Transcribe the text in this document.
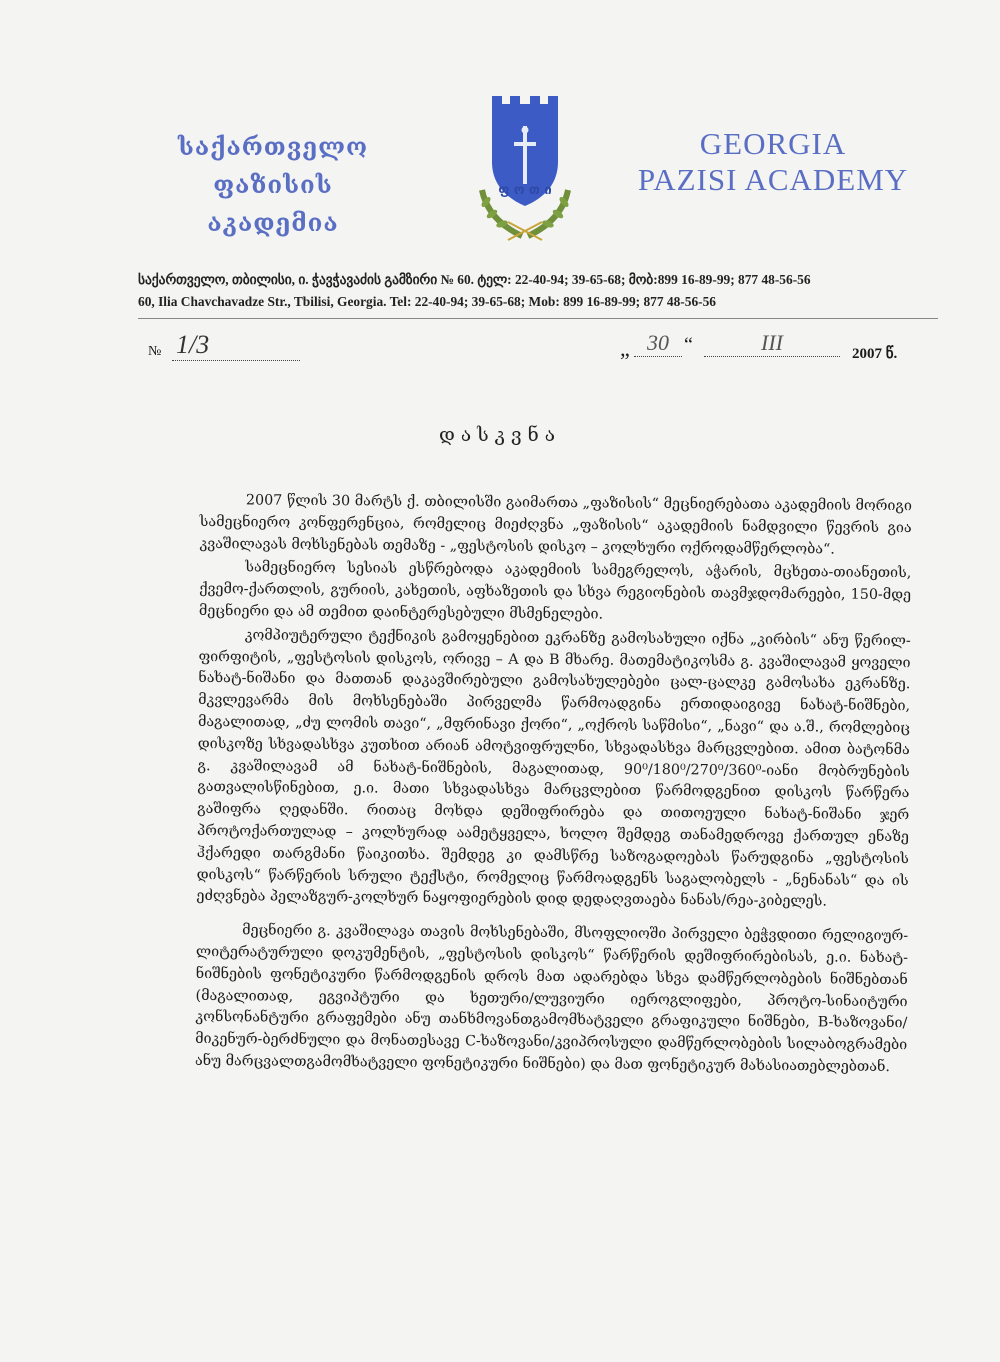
საქართველო
ფაზისის აკადემია
ფ ო თ ი
GEORGIA
PAZISI ACADEMY
საქართველო, თბილისი, ი. ჭავჭავაძის გამზირი № 60. ტელ: 22-40-94; 39-65-68; მობ:899 16-89-99; 877 48-56-56
60, Ilia Chavchavadze Str., Tbilisi, Georgia. Tel: 22-40-94; 39-65-68; Mob: 899 16-89-99; 877 48-56-56
№ 1/3	„ 30 “	III	2007 წ.
დასკვნა

2007 წლის 30 მარტს ქ. თბილისში გაიმართა „ფაზისის“ მეცნიერებათა აკადემიის მორიგი სამეცნიერო კონფერენცია, რომელიც მიეძღვნა „ფაზისის“ აკადემიის ნამდვილი წევრის გია კვაშილავას მოხსენებას თემაზე - „ფესტოსის დისკო – კოლხური ოქროდამწერლობა“.

სამეცნიერო სესიას ესწრებოდა აკადემიის სამეგრელოს, აჭარის, მცხეთა-თიანეთის, ქვემო-ქართლის, გურიის, კახეთის, აფხაზეთის და სხვა რეგიონების თავმჯდომარეები, 150-მდე მეცნიერი და ამ თემით დაინტერესებული მსმენელები.

კომპიუტერული ტექნიკის გამოყენებით ეკრანზე გამოსახული იქნა „კირბის“ ანუ წერილ-ფირფიტის, „ფესტოსის დისკოს, ორივე – A და B მხარე. მათემატიკოსმა გ. კვაშილავამ ყოველი ნახატ-ნიშანი და მათთან დაკავშირებული გამოსახულებები ცალ-ცალკე გამოსახა ეკრანზე. მკვლევარმა მის მოხსენებაში პირველმა წარმოადგინა ერთიდაიგივე ნახატ-ნიშნები, მაგალითად, „ძუ ლომის თავი“, „მფრინავი ქორი“, „ოქროს საწმისი“, „ნავი“ და ა.შ., რომლებიც დისკოზე სხვადასხვა კუთხით არიან ამოტვიფრულნი, სხვადასხვა მარცვლებით. ამით ბატონმა გ. კვაშილავამ ამ ნახატ-ნიშნების, მაგალითად, 90⁰/180⁰/270⁰/360⁰-იანი მობრუნების გათვალისწინებით, ე.ი. მათი სხვადასხვა მარცვლებით წარმოდგენით დისკოს წარწერა გაშიფრა ღედანში. რითაც მოხდა დეშიფრირება და თითოეული ნახატ-ნიშანი ჯერ პროტოქართულად – კოლხურად აამეტყველა, ხოლო შემდეგ თანამედროვე ქართულ ენაზე ჰქარედი თარგმანი წაიკითხა. შემდეგ კი დამსწრე საზოგადოებას წარუდგინა „ფესტოსის დისკოს“ წარწერის სრული ტექსტი, რომელიც წარმოადგენს საგალობელს - „ნენანას“ და ის ეძღვნება პელაზგურ-კოლხურ ნაყოფიერების დიდ დედაღვთაება ნანას/რეა-კიბელეს.

მეცნიერი გ. კვაშილავა თავის მოხსენებაში, მსოფლიოში პირველი ბეჭვდითი რელიგიურ-ლიტერატურული დოკუმენტის, „ფესტოსის დისკოს“ წარწერის დეშიფრირებისას, ე.ი. ნახატ-ნიშნების ფონეტიკური წარმოდგენის დროს მათ ადარებდა სხვა დამწერლობების ნიშნებთან (მაგალითად, ეგვიპტური და ხეთური/ლუვიური იეროგლიფები, პროტო-სინაიტური კონსონანტური გრაფემები ანუ თანხმოვანთგამომხატველი გრაფიკული ნიშნები, B-ხაზოვანი/მიკენურ-ბერძნული და მონათესავე C-ხაზოვანი/კვიპროსული დამწერლობების სილაბოგრამები ანუ მარცვალთგამომხატველი ფონეტიკური ნიშნები) და მათ ფონეტიკურ მახასიათებლებთან.
